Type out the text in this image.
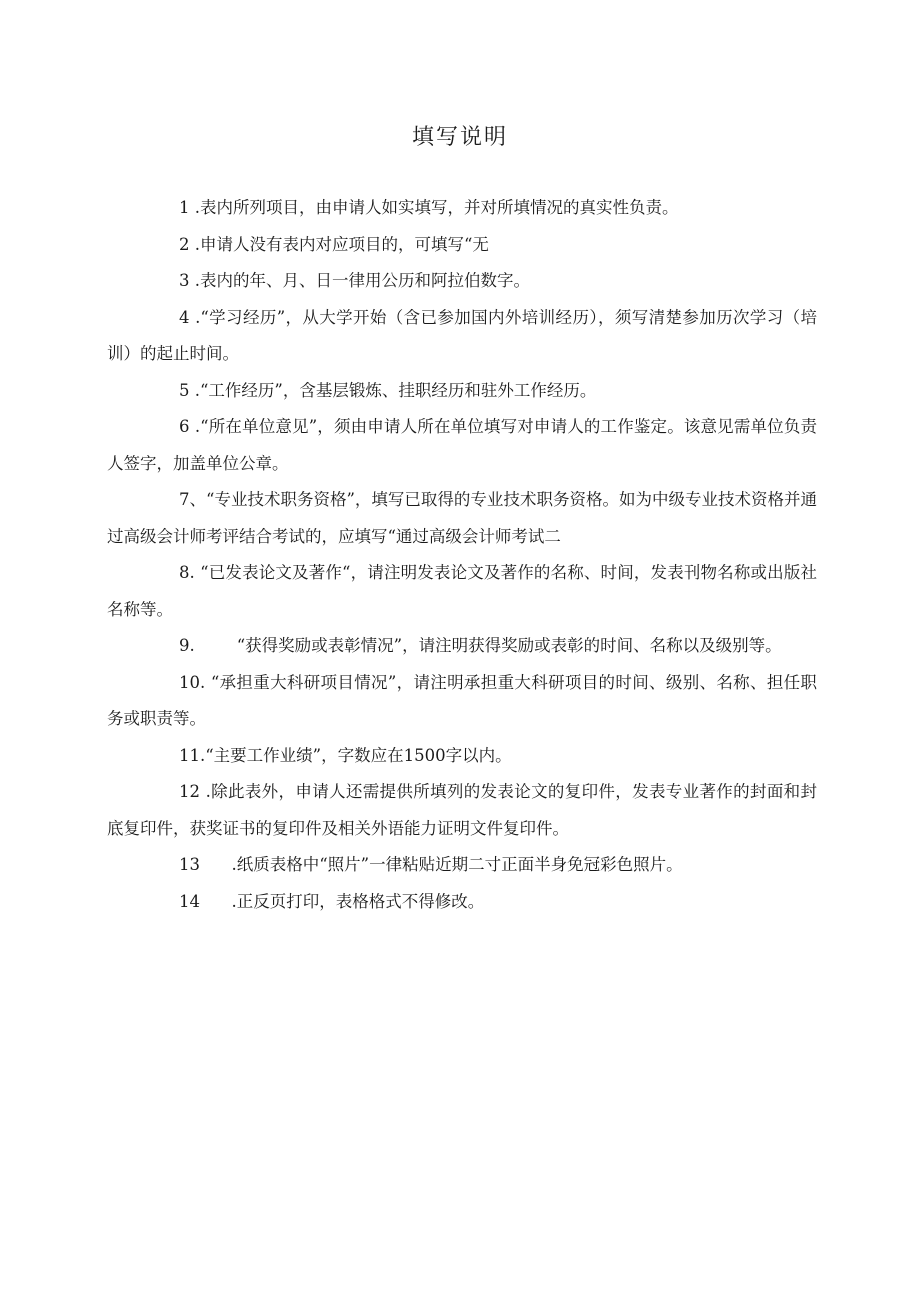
填写说明

1 .表内所列项目，由申请人如实填写，并对所填情况的真实性负责。

2 .申请人没有表内对应项目的，可填写“无

3 .表内的年、月、日一律用公历和阿拉伯数字。

4 .“学习经历”，从大学开始（含已参加国内外培训经历），须写清楚参加历次学习（培训）的起止时间。

5 .“工作经历”，含基层锻炼、挂职经历和驻外工作经历。

6 .“所在单位意见”，须由申请人所在单位填写对申请人的工作鉴定。该意见需单位负责人签字，加盖单位公章。

7、“专业技术职务资格”，填写已取得的专业技术职务资格。如为中级专业技术资格并通过高级会计师考评结合考试的，应填写“通过高级会计师考试二

8. “已发表论文及著作“，请注明发表论文及著作的名称、时间，发表刊物名称或出版社名称等。

9.        “获得奖励或表彰情况”，请注明获得奖励或表彰的时间、名称以及级别等。

10. “承担重大科研项目情况”，请注明承担重大科研项目的时间、级别、名称、担任职务或职责等。

11.“主要工作业绩”，字数应在1500字以内。

12 .除此表外，申请人还需提供所填列的发表论文的复印件，发表专业著作的封面和封底复印件，获奖证书的复印件及相关外语能力证明文件复印件。

13      .纸质表格中“照片”一律粘贴近期二寸正面半身免冠彩色照片。

14      .正反页打印，表格格式不得修改。
